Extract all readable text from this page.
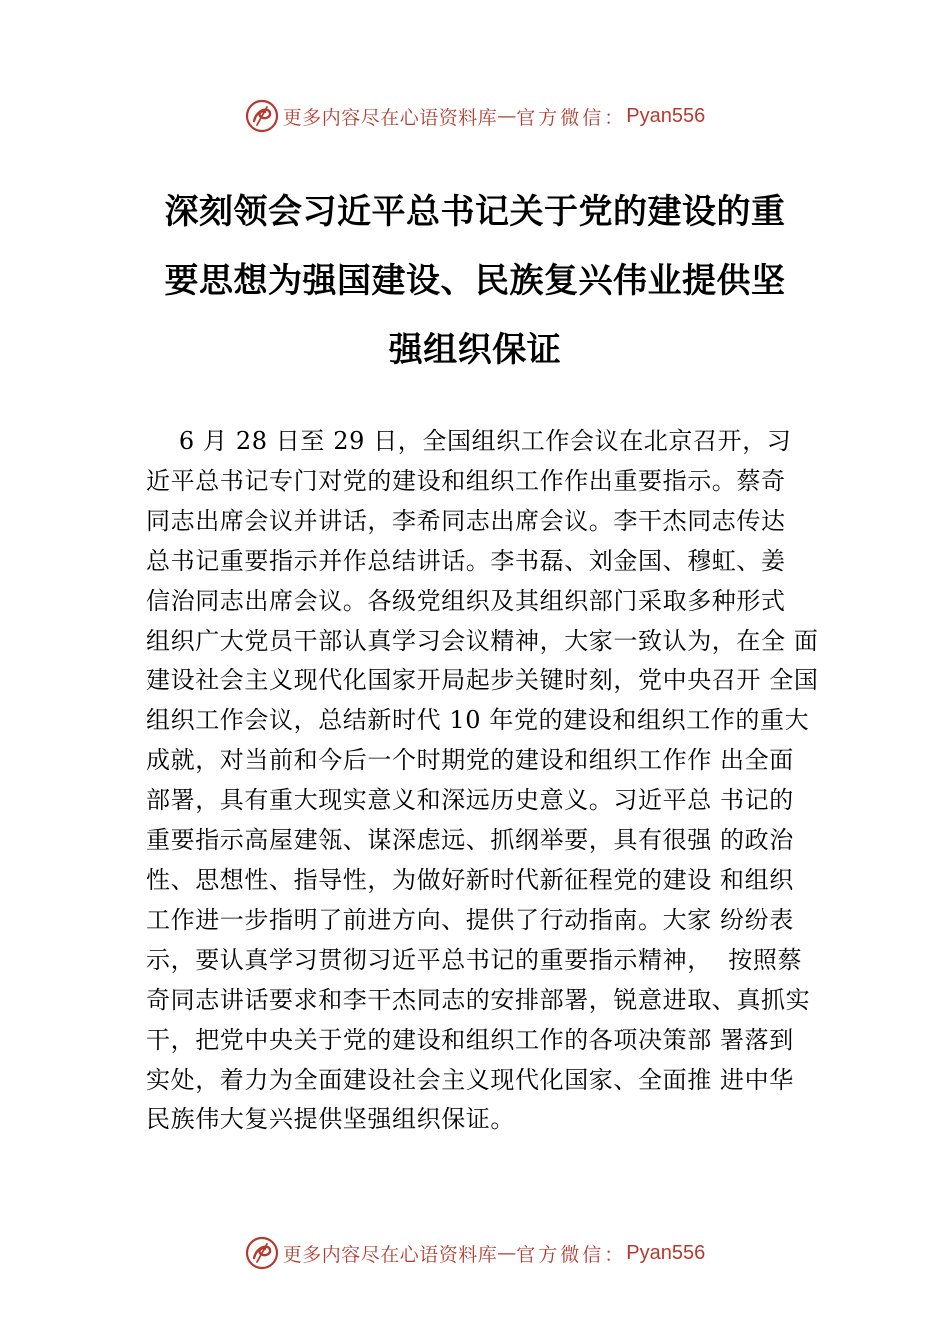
更多内容尽在心语资料库 — 官方微信： Pyan556
深刻领会习近平总书记关于党的建设的重
要思想为强国建设、民族复兴伟业提供坚
强组织保证
6 月 28 日至 29 日，全国组织工作会议在北京召开，习
近平总书记专门对党的建设和组织工作作出重要指示。蔡奇
同志出席会议并讲话，李希同志出席会议。李干杰同志传达
总书记重要指示并作总结讲话。李书磊、刘金国、穆虹、姜
信治同志出席会议。各级党组织及其组织部门采取多种形式
组织广大党员干部认真学习会议精神，大家一致认为，在全 面
建设社会主义现代化国家开局起步关键时刻，党中央召开 全国
组织工作会议，总结新时代 10 年党的建设和组织工作的重大
成就，对当前和今后一个时期党的建设和组织工作作 出全面
部署，具有重大现实意义和深远历史意义。习近平总 书记的
重要指示高屋建瓴、谋深虑远、抓纲举要，具有很强 的政治
性、思想性、指导性，为做好新时代新征程党的建设 和组织
工作进一步指明了前进方向、提供了行动指南。大家 纷纷表
示，要认真学习贯彻习近平总书记的重要指示精神，  按照蔡
奇同志讲话要求和李干杰同志的安排部署，锐意进取、真抓实
干，把党中央关于党的建设和组织工作的各项决策部 署落到
实处，着力为全面建设社会主义现代化国家、全面推 进中华
民族伟大复兴提供坚强组织保证。
更多内容尽在心语资料库 — 官方微信： Pyan556
